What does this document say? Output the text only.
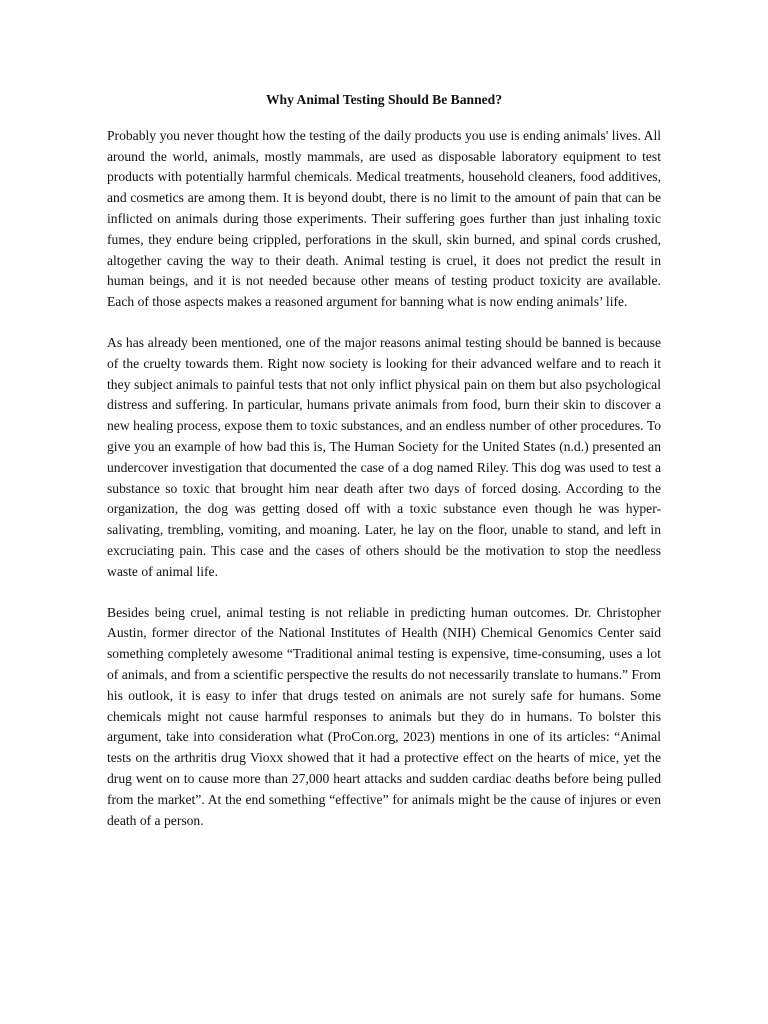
Why Animal Testing Should Be Banned?

Probably you never thought how the testing of the daily products you use is ending animals' lives. All around the world, animals, mostly mammals, are used as disposable laboratory equipment to test products with potentially harmful chemicals. Medical treatments, household cleaners, food additives, and cosmetics are among them. It is beyond doubt, there is no limit to the amount of pain that can be inflicted on animals during those experiments. Their suffering goes further than just inhaling toxic fumes, they endure being crippled, perforations in the skull, skin burned, and spinal cords crushed, altogether caving the way to their death. Animal testing is cruel, it does not predict the result in human beings, and it is not needed because other means of testing product toxicity are available. Each of those aspects makes a reasoned argument for banning what is now ending animals’ life.

As has already been mentioned, one of the major reasons animal testing should be banned is because of the cruelty towards them. Right now society is looking for their advanced welfare and to reach it they subject animals to painful tests that not only inflict physical pain on them but also psychological distress and suffering. In particular, humans private animals from food, burn their skin to discover a new healing process, expose them to toxic substances, and an endless number of other procedures. To give you an example of how bad this is, The Human Society for the United States (n.d.) presented an undercover investigation that documented the case of a dog named Riley. This dog was used to test a substance so toxic that brought him near death after two days of forced dosing. According to the organization, the dog was getting dosed off with a toxic substance even though he was hyper-salivating, trembling, vomiting, and moaning. Later, he lay on the floor, unable to stand, and left in excruciating pain. This case and the cases of others should be the motivation to stop the needless waste of animal life.

Besides being cruel, animal testing is not reliable in predicting human outcomes. Dr. Christopher Austin, former director of the National Institutes of Health (NIH) Chemical Genomics Center said something completely awesome “Traditional animal testing is expensive, time-consuming, uses a lot of animals, and from a scientific perspective the results do not necessarily translate to humans.” From his outlook, it is easy to infer that drugs tested on animals are not surely safe for humans. Some chemicals might not cause harmful responses to animals but they do in humans. To bolster this argument, take into consideration what (ProCon.org, 2023) mentions in one of its articles: “Animal tests on the arthritis drug Vioxx showed that it had a protective effect on the hearts of mice, yet the drug went on to cause more than 27,000 heart attacks and sudden cardiac deaths before being pulled from the market”. At the end something “effective” for animals might be the cause of injures or even death of a person.
